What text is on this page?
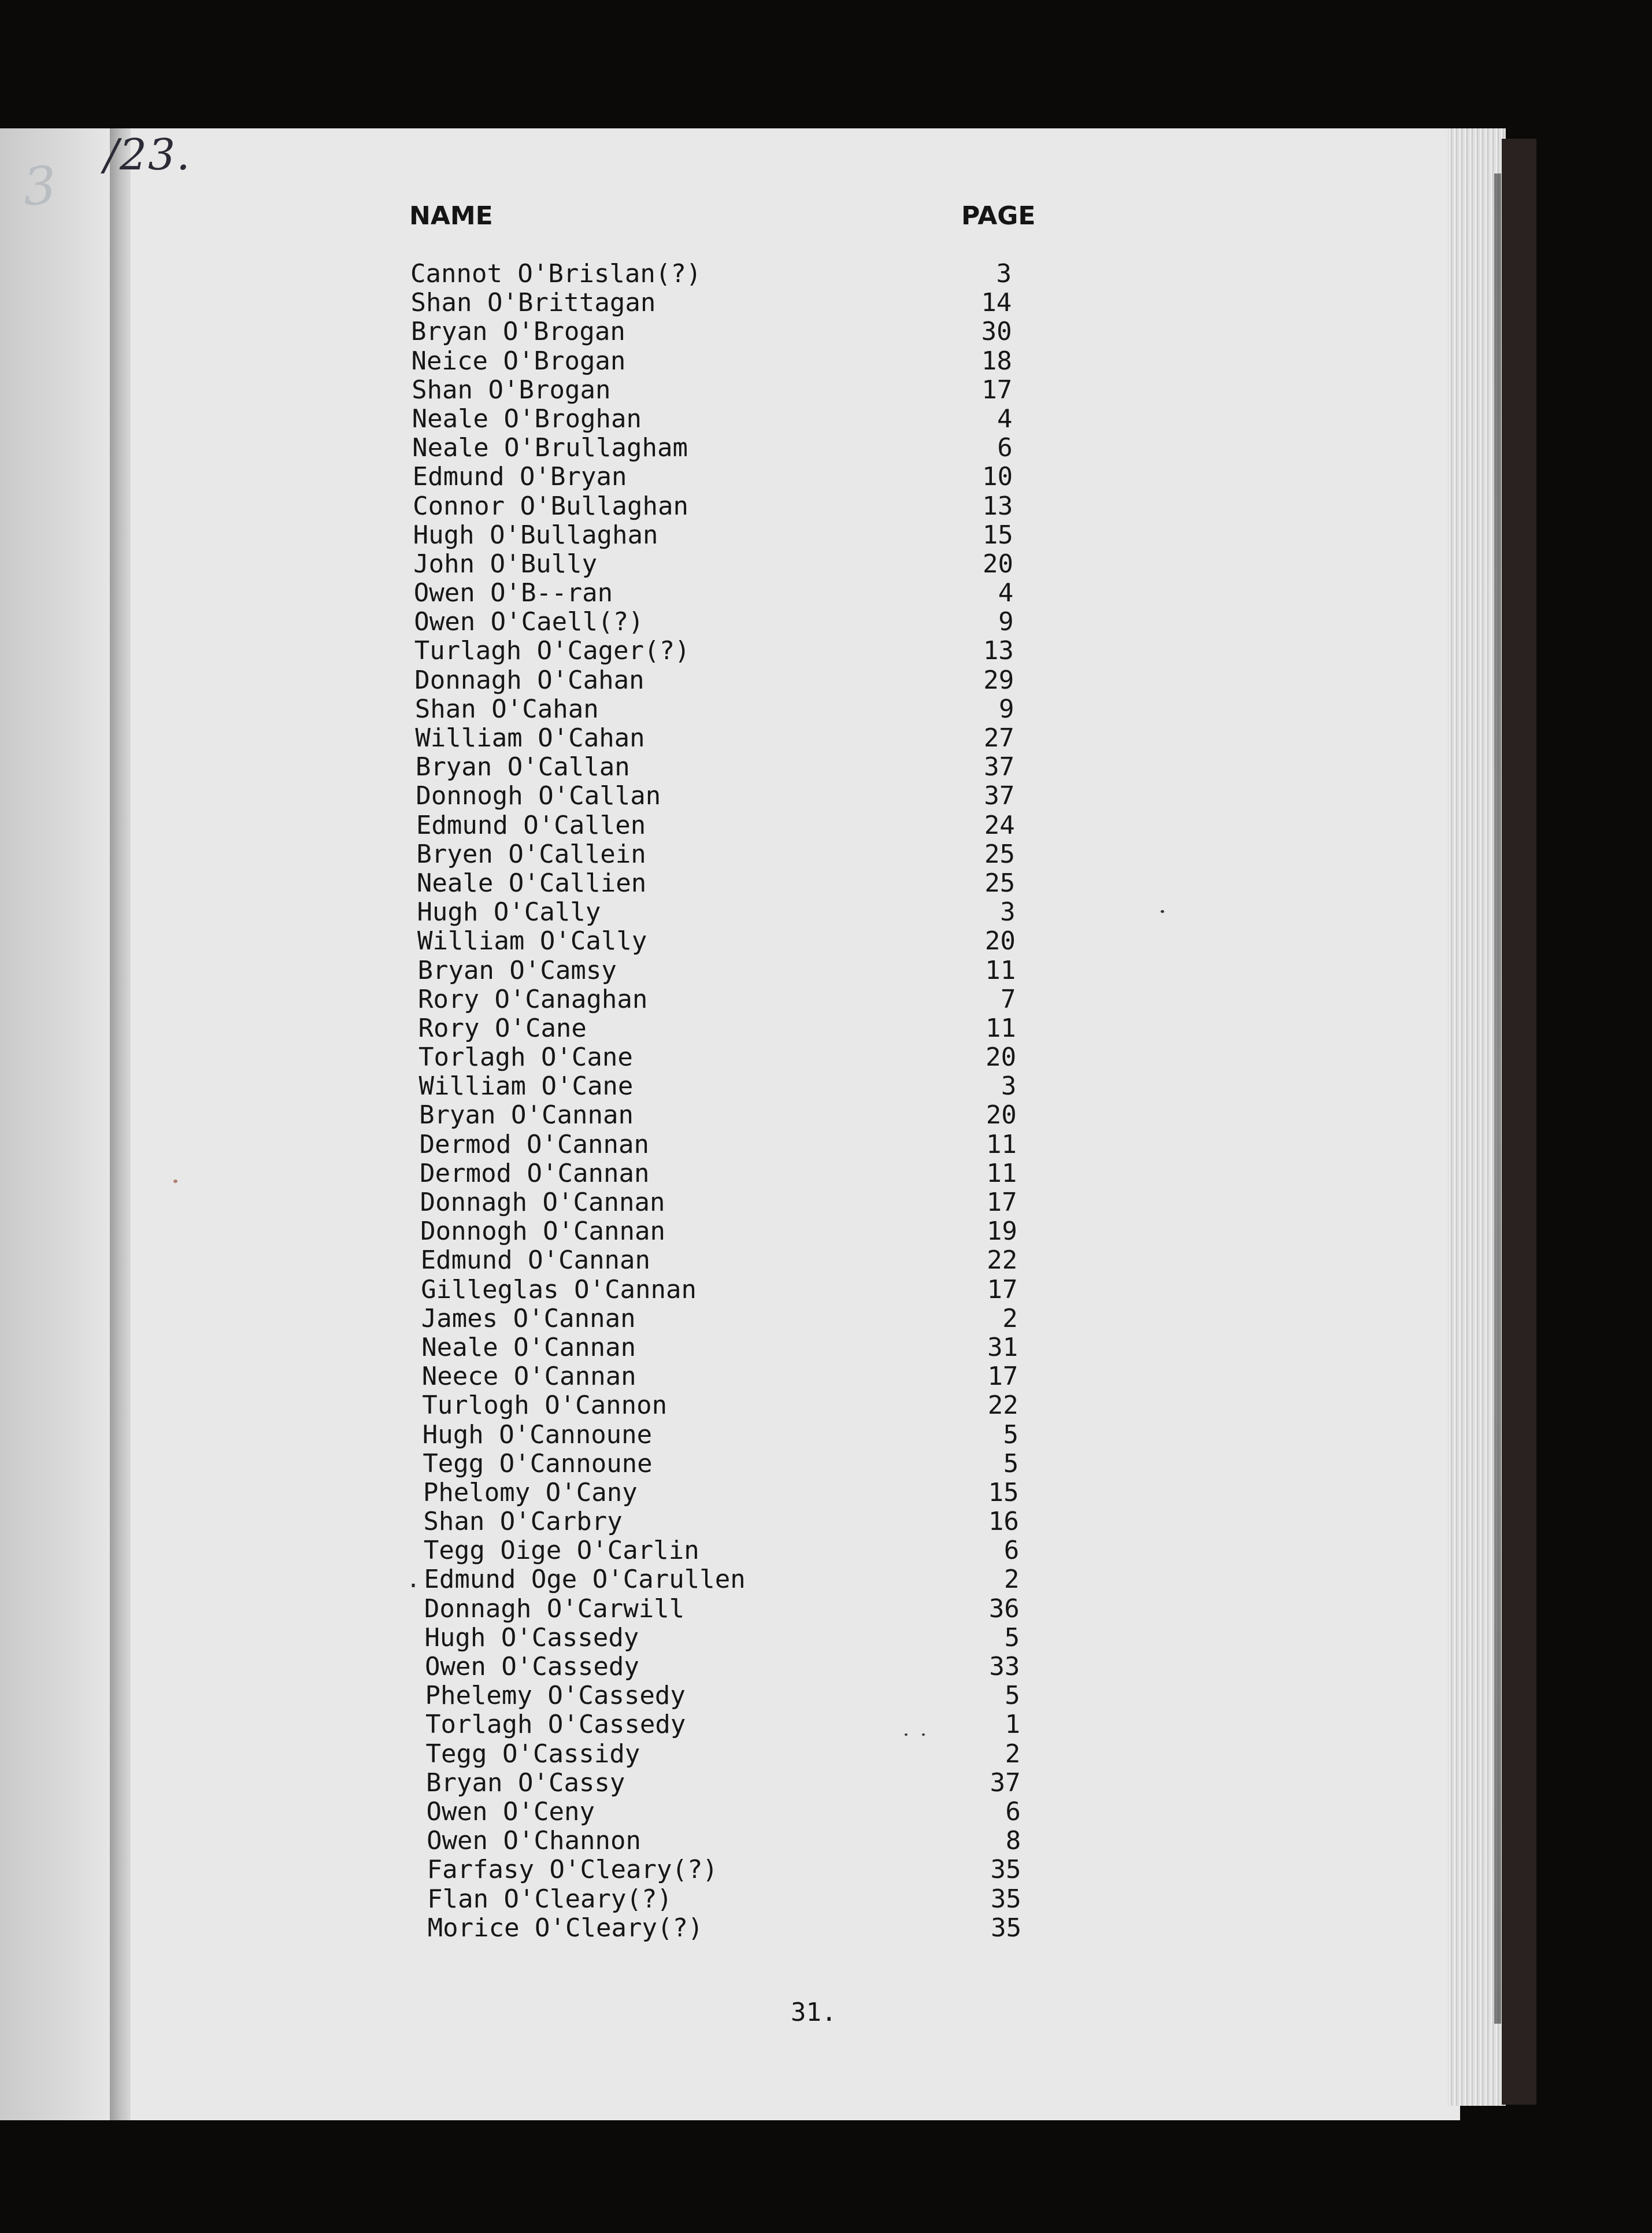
3
/23.
NAME	PAGE
Cannot O'Brislan(?)	3
Shan O'Brittagan	14
Bryan O'Brogan	30
Neice O'Brogan	18
Shan O'Brogan	17
Neale O'Broghan	4
Neale O'Brullagham	6
Edmund O'Bryan	10
Connor O'Bullaghan	13
Hugh O'Bullaghan	15
John O'Bully	20
Owen O'B--ran	4
Owen O'Caell(?)	9
Turlagh O'Cager(?)	13
Donnagh O'Cahan	29
Shan O'Cahan	9
William O'Cahan	27
Bryan O'Callan	37
Donnogh O'Callan	37
Edmund O'Callen	24
Bryen O'Callein	25
Neale O'Callien	25
Hugh O'Cally	3
William O'Cally	20
Bryan O'Camsy	11
Rory O'Canaghan	7
Rory O'Cane	11
Torlagh O'Cane	20
William O'Cane	3
Bryan O'Cannan	20
Dermod O'Cannan	11
Dermod O'Cannan	11
Donnagh O'Cannan	17
Donnogh O'Cannan	19
Edmund O'Cannan	22
Gilleglas O'Cannan	17
James O'Cannan	2
Neale O'Cannan	31
Neece O'Cannan	17
Turlogh O'Cannon	22
Hugh O'Cannoune	5
Tegg O'Cannoune	5
Phelomy O'Cany	15
Shan O'Carbry	16
Tegg Oige O'Carlin	6
Edmund Oge O'Carullen	2
Donnagh O'Carwill	36
Hugh O'Cassedy	5
Owen O'Cassedy	33
Phelemy O'Cassedy	5
Torlagh O'Cassedy	1
Tegg O'Cassidy	2
Bryan O'Cassy	37
Owen O'Ceny	6
Owen O'Channon	8
Farfasy O'Cleary(?)	35
Flan O'Cleary(?)	35
Morice O'Cleary(?)	35
·
31.
